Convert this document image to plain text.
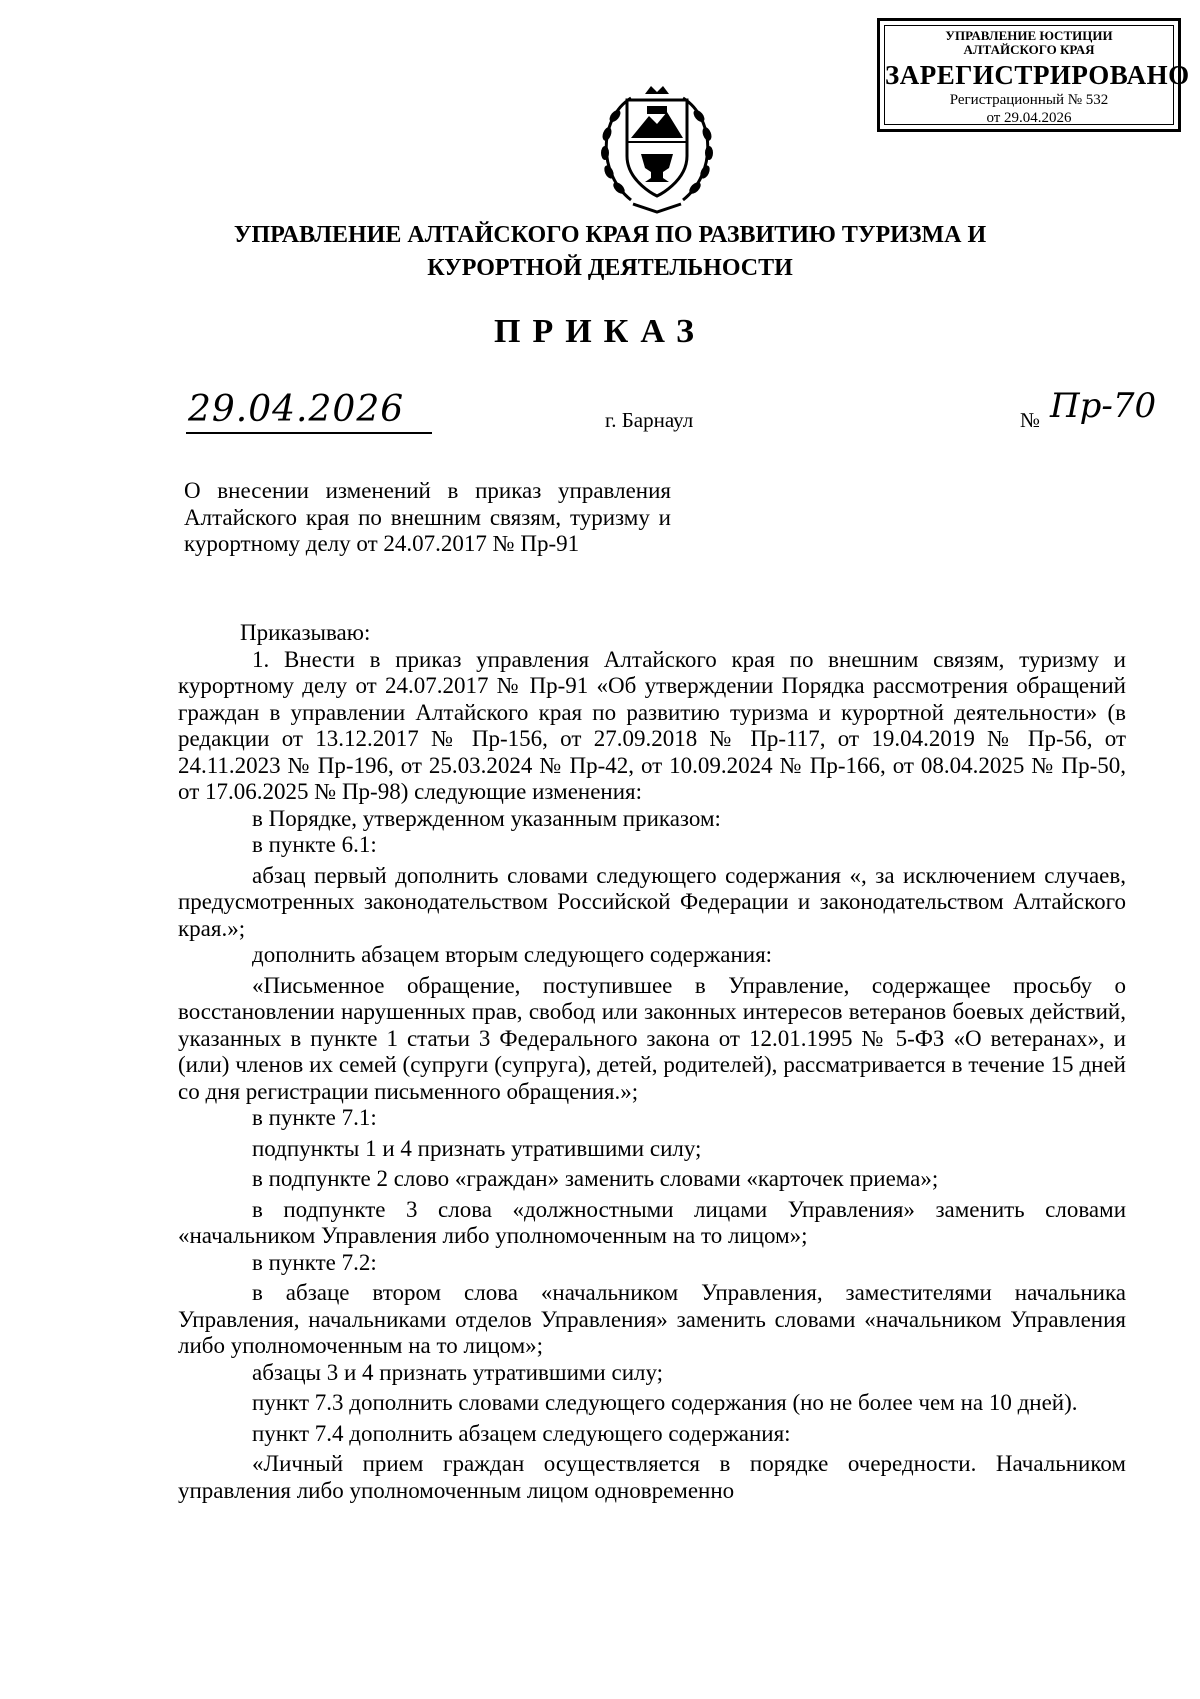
УПРАВЛЕНИЕ ЮСТИЦИИ
АЛТАЙСКОГО КРАЯ
ЗАРЕГИСТРИРОВАНО
Регистрационный № 532
от 29.04.2026
УПРАВЛЕНИЕ АЛТАЙСКОГО КРАЯ ПО РАЗВИТИЮ ТУРИЗМА И
КУРОРТНОЙ ДЕЯТЕЛЬНОСТИ
ПРИКАЗ
29.04.2026	г. Барнаул	№ Пр-70
О внесении изменений в приказ управления Алтайского края по внешним связям, туризму и курортному делу от 24.07.2017 № Пр-91

Приказываю:

1. Внести в приказ управления Алтайского края по внешним связям, туризму и курортному делу от 24.07.2017 № Пр-91 «Об утверждении Порядка рассмотрения обращений граждан в управлении Алтайского края по развитию туризма и курортной деятельности» (в редакции от 13.12.2017 № Пр-156, от 27.09.2018 № Пр-117, от 19.04.2019 № Пр-56, от 24.11.2023 № Пр-196, от 25.03.2024 № Пр-42, от 10.09.2024 № Пр-166, от 08.04.2025 № Пр-50, от 17.06.2025 № Пр-98) следующие изменения:

в Порядке, утвержденном указанным приказом:

в пункте 6.1:

абзац первый дополнить словами следующего содержания «, за исключением случаев, предусмотренных законодательством Российской Федерации и законодательством Алтайского края.»;

дополнить абзацем вторым следующего содержания:

«Письменное обращение, поступившее в Управление, содержащее просьбу о восстановлении нарушенных прав, свобод или законных интересов ветеранов боевых действий, указанных в пункте 1 статьи 3 Федерального закона от 12.01.1995 № 5-ФЗ «О ветеранах», и (или) членов их семей (супруги (супруга), детей, родителей), рассматривается в течение 15 дней со дня регистрации письменного обращения.»;

в пункте 7.1:

подпункты 1 и 4 признать утратившими силу;

в подпункте 2 слово «граждан» заменить словами «карточек приема»;

в подпункте 3 слова «должностными лицами Управления» заменить словами «начальником Управления либо уполномоченным на то лицом»;

в пункте 7.2:

в абзаце втором слова «начальником Управления, заместителями начальника Управления, начальниками отделов Управления» заменить словами «начальником Управления либо уполномоченным на то лицом»;

абзацы 3 и 4 признать утратившими силу;

пункт 7.3 дополнить словами следующего содержания (но не более чем на 10 дней).

пункт 7.4 дополнить абзацем следующего содержания:

«Личный прием граждан осуществляется в порядке очередности. Начальником управления либо уполномоченным лицом одновременно
